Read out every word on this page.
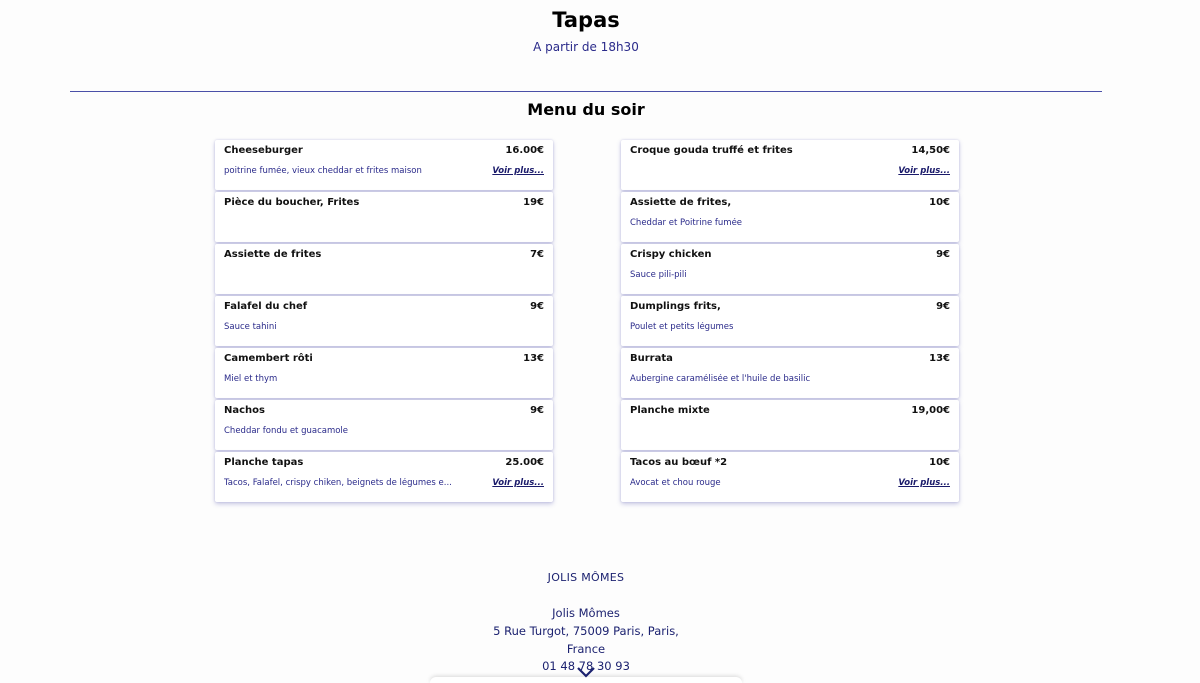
Tapas
A partir de 18h30
Menu du soir
Cheeseburger	16.00€
poitrine fumée, vieux cheddar et frites maison	Voir plus...
Pièce du boucher, Frites	19€
Assiette de frites	7€
Falafel du chef	9€
Sauce tahini
Camembert rôti	13€
Miel et thym
Nachos	9€
Cheddar fondu et guacamole
Planche tapas	25.00€
Tacos, Falafel, crispy chiken, beignets de légumes e...	Voir plus...
Croque gouda truffé et frites	14,50€
Voir plus...
Assiette de frites,	10€
Cheddar et Poitrine fumée
Crispy chicken	9€
Sauce pili-pili
Dumplings frits,	9€
Poulet et petits légumes
Burrata	13€
Aubergine caramélisée et l'huile de basilic
Planche mixte	19,00€
Tacos au bœuf *2	10€
Avocat et chou rouge	Voir plus...
JOLIS MÔMES
Jolis Mômes
5 Rue Turgot, 75009 Paris, Paris,
France
01 48 78 30 93
